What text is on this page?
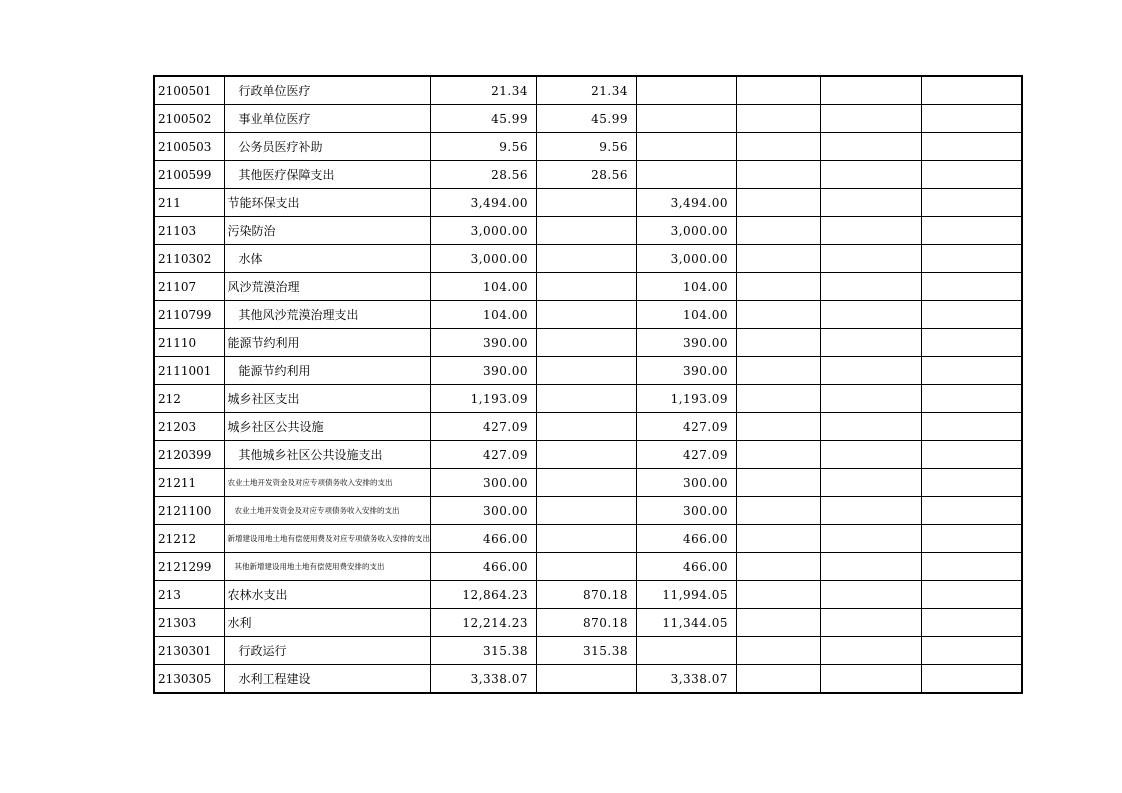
2100501	行政单位医疗	21.34	21.34				
2100502	事业单位医疗	45.99	45.99				
2100503	公务员医疗补助	9.56	9.56				
2100599	其他医疗保障支出	28.56	28.56				
211	节能环保支出	3,494.00		3,494.00			
21103	污染防治	3,000.00		3,000.00			
2110302	水体	3,000.00		3,000.00			
21107	风沙荒漠治理	104.00		104.00			
2110799	其他风沙荒漠治理支出	104.00		104.00			
21110	能源节约利用	390.00		390.00			
2111001	能源节约利用	390.00		390.00			
212	城乡社区支出	1,193.09		1,193.09			
21203	城乡社区公共设施	427.09		427.09			
2120399	其他城乡社区公共设施支出	427.09		427.09			
21211	农业土地开发资金及对应专项债务收入安排的支出	300.00		300.00			
2121100	农业土地开发资金及对应专项债务收入安排的支出	300.00		300.00			
21212	新增建设用地土地有偿使用费及对应专项债务收入安排的支出	466.00		466.00			
2121299	其他新增建设用地土地有偿使用费安排的支出	466.00		466.00			
213	农林水支出	12,864.23	870.18	11,994.05			
21303	水利	12,214.23	870.18	11,344.05			
2130301	行政运行	315.38	315.38				
2130305	水利工程建设	3,338.07		3,338.07			
